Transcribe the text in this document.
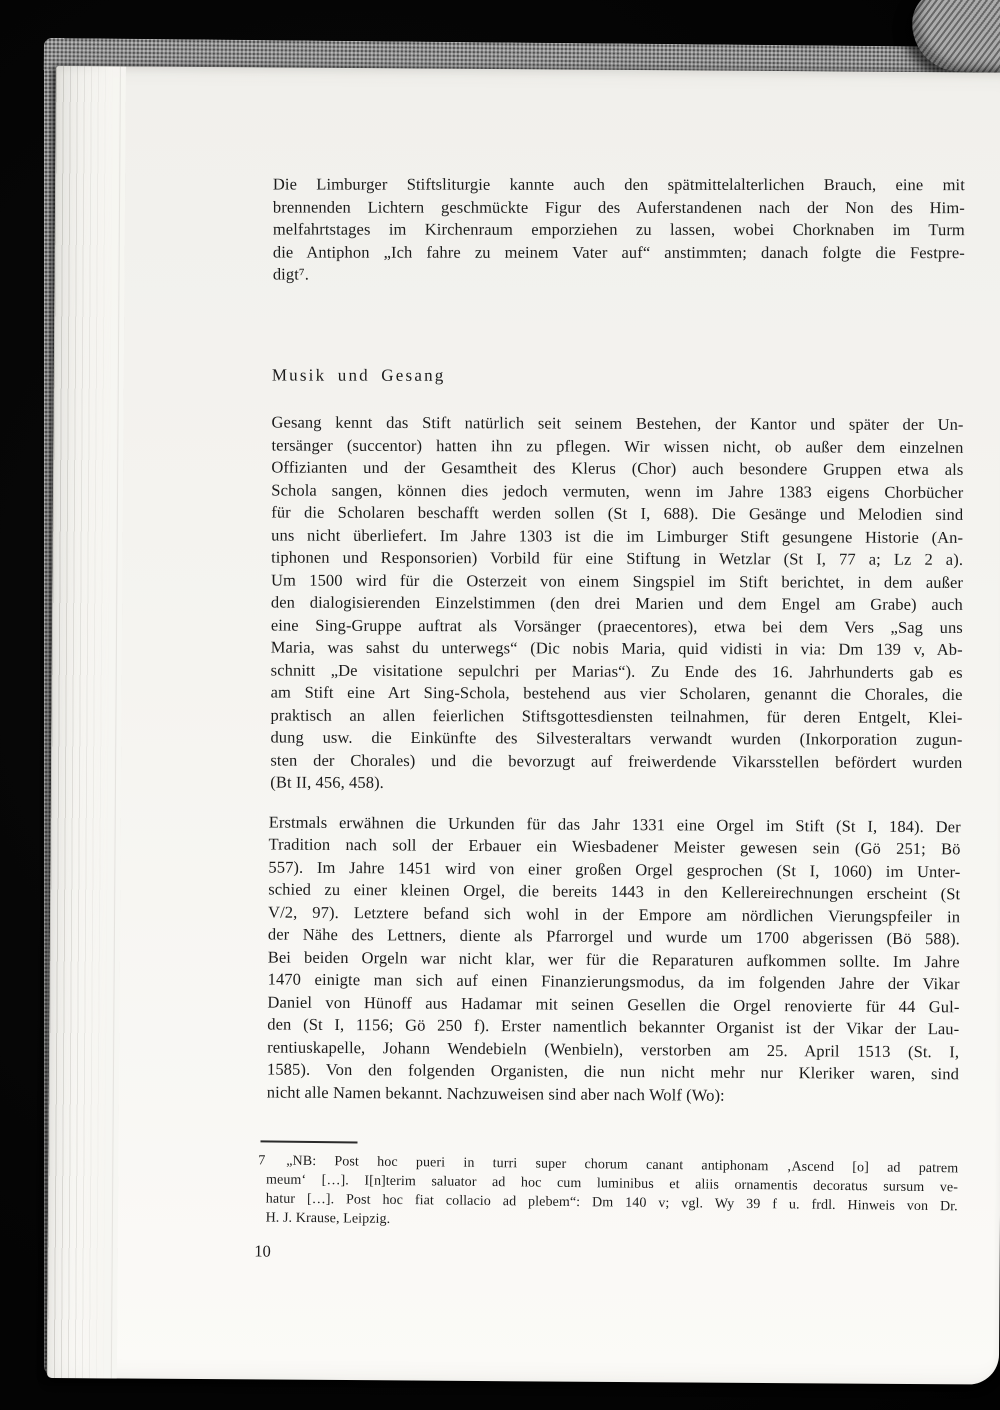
Die Limburger Stiftsliturgie kannte auch den spätmittelalterlichen Brauch, eine mit
brennenden Lichtern geschmückte Figur des Auferstandenen nach der Non des Him-
melfahrtstages im Kirchenraum emporziehen zu lassen, wobei Chorknaben im Turm
die Antiphon „Ich fahre zu meinem Vater auf“ anstimmten; danach folgte die Festpre-
digt⁷.
Musik und Gesang
Gesang kennt das Stift natürlich seit seinem Bestehen, der Kantor und später der Un-
tersänger (succentor) hatten ihn zu pflegen. Wir wissen nicht, ob außer dem einzelnen
Offizianten und der Gesamtheit des Klerus (Chor) auch besondere Gruppen etwa als
Schola sangen, können dies jedoch vermuten, wenn im Jahre 1383 eigens Chorbücher
für die Scholaren beschafft werden sollen (St I, 688). Die Gesänge und Melodien sind
uns nicht überliefert. Im Jahre 1303 ist die im Limburger Stift gesungene Historie (An-
tiphonen und Responsorien) Vorbild für eine Stiftung in Wetzlar (St I, 77 a; Lz 2 a).
Um 1500 wird für die Osterzeit von einem Singspiel im Stift berichtet, in dem außer
den dialogisierenden Einzelstimmen (den drei Marien und dem Engel am Grabe) auch
eine Sing-Gruppe auftrat als Vorsänger (praecentores), etwa bei dem Vers „Sag uns
Maria, was sahst du unterwegs“ (Dic nobis Maria, quid vidisti in via: Dm 139 v, Ab-
schnitt „De visitatione sepulchri per Marias“). Zu Ende des 16. Jahrhunderts gab es
am Stift eine Art Sing-Schola, bestehend aus vier Scholaren, genannt die Chorales, die
praktisch an allen feierlichen Stiftsgottesdiensten teilnahmen, für deren Entgelt, Klei-
dung usw. die Einkünfte des Silvesteraltars verwandt wurden (Inkorporation zugun-
sten der Chorales) und die bevorzugt auf freiwerdende Vikarsstellen befördert wurden
(Bt II, 456, 458).
Erstmals erwähnen die Urkunden für das Jahr 1331 eine Orgel im Stift (St I, 184). Der
Tradition nach soll der Erbauer ein Wiesbadener Meister gewesen sein (Gö 251; Bö
557). Im Jahre 1451 wird von einer großen Orgel gesprochen (St I, 1060) im Unter-
schied zu einer kleinen Orgel, die bereits 1443 in den Kellereirechnungen erscheint (St
V/2, 97). Letztere befand sich wohl in der Empore am nördlichen Vierungspfeiler in
der Nähe des Lettners, diente als Pfarrorgel und wurde um 1700 abgerissen (Bö 588).
Bei beiden Orgeln war nicht klar, wer für die Reparaturen aufkommen sollte. Im Jahre
1470 einigte man sich auf einen Finanzierungsmodus, da im folgenden Jahre der Vikar
Daniel von Hünoff aus Hadamar mit seinen Gesellen die Orgel renovierte für 44 Gul-
den (St I, 1156; Gö 250 f). Erster namentlich bekannter Organist ist der Vikar der Lau-
rentiuskapelle, Johann Wendebieln (Wenbieln), verstorben am 25. April 1513 (St. I,
1585). Von den folgenden Organisten, die nun nicht mehr nur Kleriker waren, sind
nicht alle Namen bekannt. Nachzuweisen sind aber nach Wolf (Wo):
7	„NB: Post hoc pueri in turri super chorum canant antiphonam ‚Ascend [o] ad patrem
meum‘ […]. I[n]terim saluator ad hoc cum luminibus et aliis ornamentis decoratus sursum ve-
hatur […]. Post hoc fiat collacio ad plebem“: Dm 140 v; vgl. Wy 39 f u. frdl. Hinweis von Dr.
H. J. Krause, Leipzig.
10
